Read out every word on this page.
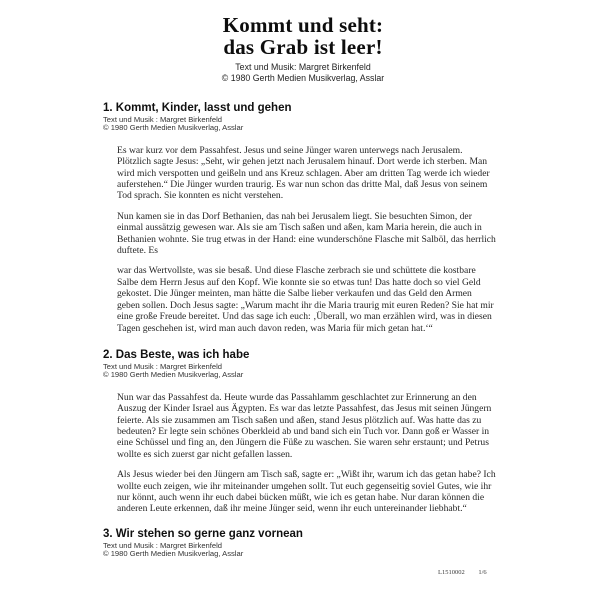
Kommt und seht:
das Grab ist leer!
Text und Musik: Margret Birkenfeld
© 1980 Gerth Medien Musikverlag, Asslar
1. Kommt, Kinder, lasst und gehen
Text und Musik : Margret Birkenfeld
© 1980 Gerth Medien Musikverlag, Asslar

Es war kurz vor dem Passahfest. Jesus und seine Jünger waren unterwegs nach Jerusalem. Plötzlich sagte Jesus: „Seht, wir gehen jetzt nach Jerusalem hinauf. Dort werde ich sterben. Man wird mich verspotten und geißeln und ans Kreuz schlagen. Aber am dritten Tag werde ich wieder auferstehen.“ Die Jünger wurden traurig. Es war nun schon das dritte Mal, daß Jesus von seinem Tod sprach. Sie konnten es nicht verstehen.

Nun kamen sie in das Dorf Bethanien, das nah bei Jerusalem liegt. Sie besuchten Simon, der einmal aussätzig gewesen war. Als sie am Tisch saßen und aßen, kam Maria herein, die auch in Bethanien wohnte. Sie trug etwas in der Hand: eine wunderschöne Flasche mit Salböl, das herrlich duftete. Es

war das Wertvollste, was sie besaß. Und diese Flasche zerbrach sie und schüttete die kostbare Salbe dem Herrn Jesus auf den Kopf. Wie konnte sie so etwas tun! Das hatte doch so viel Geld gekostet. Die Jünger meinten, man hätte die Salbe lieber verkaufen und das Geld den Armen geben sollen. Doch Jesus sagte: „Warum macht ihr die Maria traurig mit euren Reden? Sie hat mir eine große Freude bereitet. Und das sage ich euch: ‚Überall, wo man erzählen wird, was in diesen Tagen geschehen ist, wird man auch davon reden, was Maria für mich getan hat.‘“

2. Das Beste, was ich habe
Text und Musik : Margret Birkenfeld
© 1980 Gerth Medien Musikverlag, Asslar

Nun war das Passahfest da. Heute wurde das Passahlamm geschlachtet zur Erinnerung an den Auszug der Kinder Israel aus Ägypten. Es war das letzte Passahfest, das Jesus mit seinen Jüngern feierte. Als sie zusammen am Tisch saßen und aßen, stand Jesus plötzlich auf. Was hatte das zu bedeuten? Er legte sein schönes Oberkleid ab und band sich ein Tuch vor. Dann goß er Wasser in eine Schüssel und fing an, den Jüngern die Füße zu waschen. Sie waren sehr erstaunt; und Petrus wollte es sich zuerst gar nicht gefallen lassen.

Als Jesus wieder bei den Jüngern am Tisch saß, sagte er: „Wißt ihr, warum ich das getan habe? Ich wollte euch zeigen, wie ihr miteinander umgehen sollt. Tut euch gegenseitig soviel Gutes, wie ihr nur könnt, auch wenn ihr euch dabei bücken müßt, wie ich es getan habe. Nur daran können die anderen Leute erkennen, daß ihr meine Jünger seid, wenn ihr euch untereinander liebhabt.“

3. Wir stehen so gerne ganz vornean
Text und Musik : Margret Birkenfeld
© 1980 Gerth Medien Musikverlag, Asslar
L1510002 1/6
